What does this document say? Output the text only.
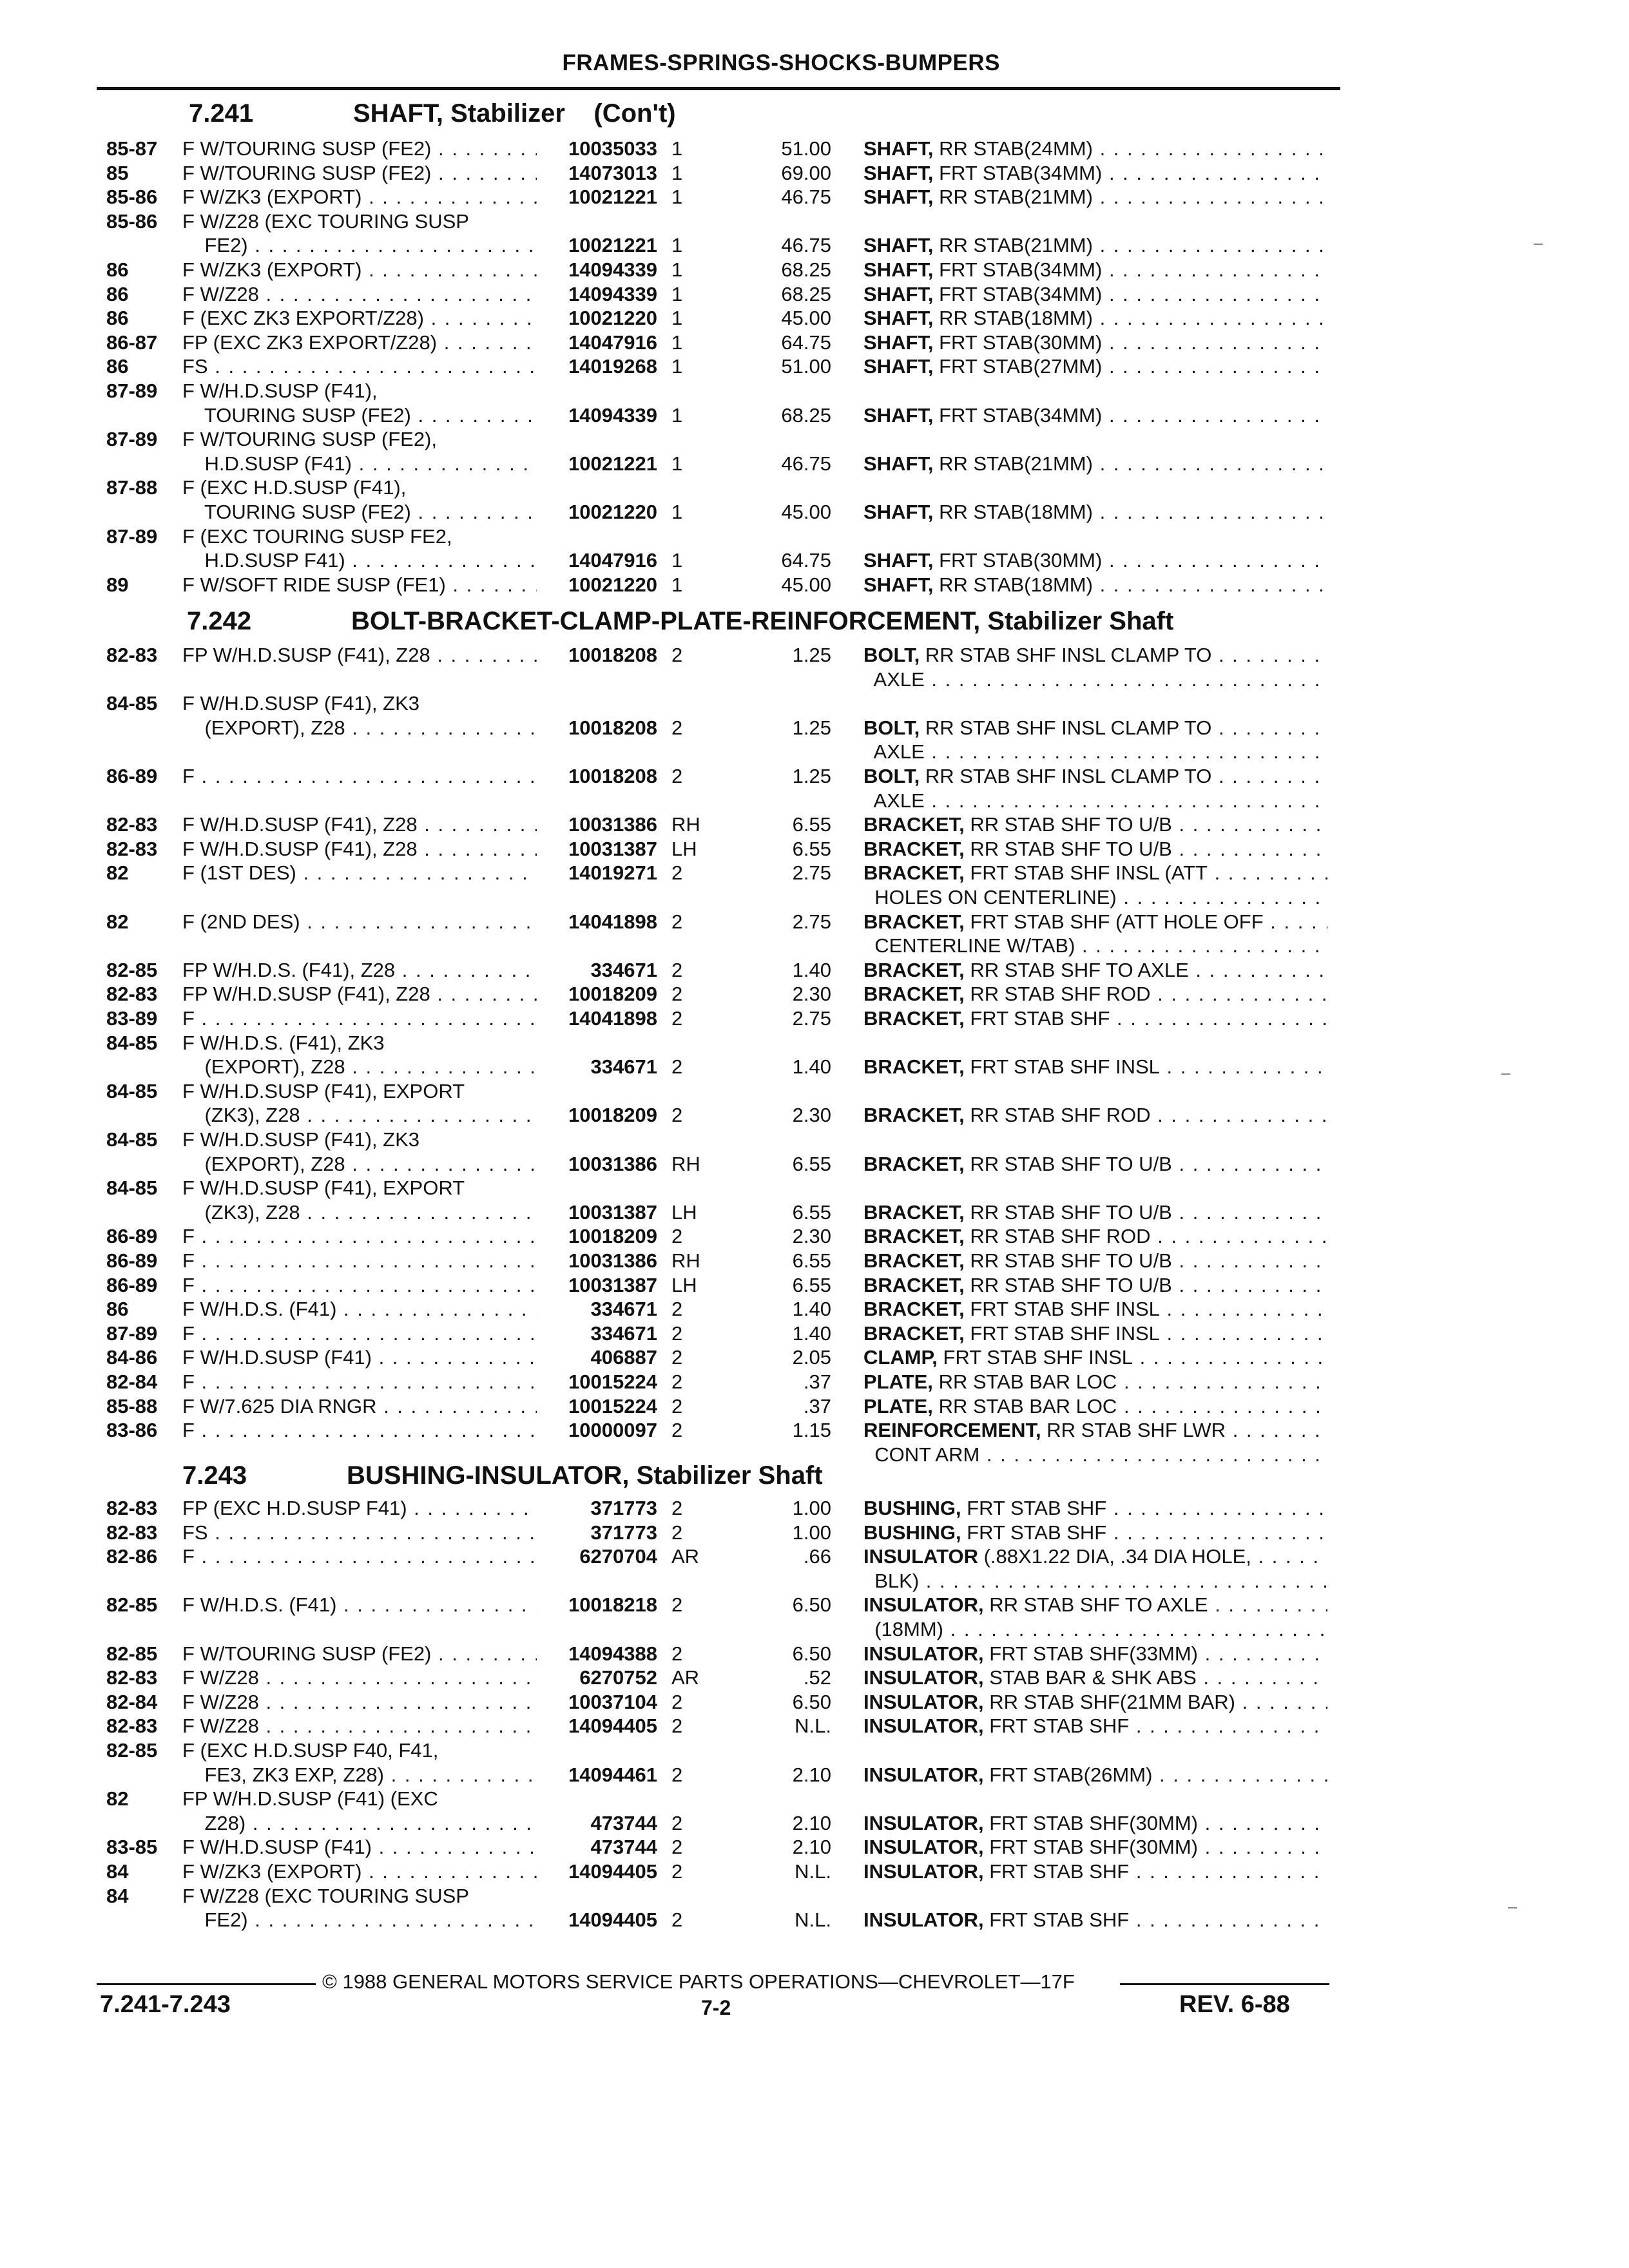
FRAMES-SPRINGS-SHOCKS-BUMPERS
7.241	SHAFT, Stabilizer    (Con't)
85-87 F W/TOURING SUSP (FE2) . . .	10035033 1	51.00 SHAFT, RR STAB(24MM) . . .
85	F W/TOURING SUSP (FE2) . . .	14073013 1	69.00 SHAFT, FRT STAB(34MM) . . .
85-86 F W/ZK3 (EXPORT) . . .	10021221 1	46.75 SHAFT, RR STAB(21MM) . . .
85-86 F W/Z28 (EXC TOURING SUSP
FE2) . . .	10021221 1	46.75 SHAFT, RR STAB(21MM) . . .
86	F W/ZK3 (EXPORT) . . .	14094339 1	68.25 SHAFT, FRT STAB(34MM) . . .
86	F W/Z28 . . .	14094339 1	68.25 SHAFT, FRT STAB(34MM) . . .
86	F (EXC ZK3 EXPORT/Z28) . . .	10021220 1	45.00 SHAFT, RR STAB(18MM) . . .
86-87 FP (EXC ZK3 EXPORT/Z28) . . .	14047916 1	64.75 SHAFT, FRT STAB(30MM) . . .
86	FS . . .	14019268 1	51.00 SHAFT, FRT STAB(27MM) . . .
87-89 F W/H.D.SUSP (F41),
TOURING SUSP (FE2) . . .	14094339 1	68.25 SHAFT, FRT STAB(34MM) . . .
87-89 F W/TOURING SUSP (FE2),
H.D.SUSP (F41) . . .	10021221 1	46.75 SHAFT, RR STAB(21MM) . . .
87-88 F (EXC H.D.SUSP (F41),
TOURING SUSP (FE2) . . .	10021220 1	45.00 SHAFT, RR STAB(18MM) . . .
87-89 F (EXC TOURING SUSP FE2,
H.D.SUSP F41) . . .	14047916 1	64.75 SHAFT, FRT STAB(30MM) . . .
89	F W/SOFT RIDE SUSP (FE1) . . .	10021220 1	45.00 SHAFT, RR STAB(18MM) . . .
7.242	BOLT-BRACKET-CLAMP-PLATE-REINFORCEMENT, Stabilizer Shaft
82-83 FP W/H.D.SUSP (F41), Z28 . . .	10018208 2	1.25 BOLT, RR STAB SHF INSL CLAMP TO . . .
AXLE . . .
84-85 F W/H.D.SUSP (F41), ZK3
(EXPORT), Z28 . . .	10018208 2	1.25 BOLT, RR STAB SHF INSL CLAMP TO . . .
AXLE . . .
86-89 F . . .	10018208 2	1.25 BOLT, RR STAB SHF INSL CLAMP TO . . .
AXLE . . .
82-83 F W/H.D.SUSP (F41), Z28 . . .	10031386 RH	6.55 BRACKET, RR STAB SHF TO U/B . . .
82-83 F W/H.D.SUSP (F41), Z28 . . .	10031387 LH	6.55 BRACKET, RR STAB SHF TO U/B . . .
82	F (1ST DES) . . .	14019271 2	2.75 BRACKET, FRT STAB SHF INSL (ATT . . .
HOLES ON CENTERLINE) . . .
82	F (2ND DES) . . .	14041898 2	2.75 BRACKET, FRT STAB SHF (ATT HOLE OFF . . .
CENTERLINE W/TAB) . . .
82-85 FP W/H.D.S. (F41), Z28 . . .	334671 2	1.40 BRACKET, RR STAB SHF TO AXLE . . .
82-83 FP W/H.D.SUSP (F41), Z28 . . .	10018209 2	2.30 BRACKET, RR STAB SHF ROD . . .
83-89 F . . .	14041898 2	2.75 BRACKET, FRT STAB SHF . . .
84-85 F W/H.D.S. (F41), ZK3
(EXPORT), Z28 . . .	334671 2	1.40 BRACKET, FRT STAB SHF INSL . . .
84-85 F W/H.D.SUSP (F41), EXPORT
(ZK3), Z28 . . .	10018209 2	2.30 BRACKET, RR STAB SHF ROD . . .
84-85 F W/H.D.SUSP (F41), ZK3
(EXPORT), Z28 . . .	10031386 RH	6.55 BRACKET, RR STAB SHF TO U/B . . .
84-85 F W/H.D.SUSP (F41), EXPORT
(ZK3), Z28 . . .	10031387 LH	6.55 BRACKET, RR STAB SHF TO U/B . . .
86-89 F . . .	10018209 2	2.30 BRACKET, RR STAB SHF ROD . . .
86-89 F . . .	10031386 RH	6.55 BRACKET, RR STAB SHF TO U/B . . .
86-89 F . . .	10031387 LH	6.55 BRACKET, RR STAB SHF TO U/B . . .
86	F W/H.D.S. (F41) . . .	334671 2	1.40 BRACKET, FRT STAB SHF INSL . . .
87-89 F . . .	334671 2	1.40 BRACKET, FRT STAB SHF INSL . . .
84-86 F W/H.D.SUSP (F41) . . .	406887 2	2.05 CLAMP, FRT STAB SHF INSL . . .
82-84 F . . .	10015224 2	.37 PLATE, RR STAB BAR LOC . . .
85-88 F W/7.625 DIA RNGR . . .	10015224 2	.37 PLATE, RR STAB BAR LOC . . .
83-86 F . . .	10000097 2	1.15 REINFORCEMENT, RR STAB SHF LWR . . .
CONT ARM . . .
7.243	BUSHING-INSULATOR, Stabilizer Shaft
82-83 FP (EXC H.D.SUSP F41) . . .	371773 2	1.00 BUSHING, FRT STAB SHF . . .
82-83 FS . . .	371773 2	1.00 BUSHING, FRT STAB SHF . . .
82-86 F . . .	6270704 AR	.66 INSULATOR (.88X1.22 DIA, .34 DIA HOLE, . . .
BLK) . . .
82-85 F W/H.D.S. (F41) . . .	10018218 2	6.50 INSULATOR, RR STAB SHF TO AXLE . . .
(18MM) . . .
82-85 F W/TOURING SUSP (FE2) . . .	14094388 2	6.50 INSULATOR, FRT STAB SHF(33MM) . . .
82-83 F W/Z28 . . .	6270752 AR	.52 INSULATOR, STAB BAR & SHK ABS . . .
82-84 F W/Z28 . . .	10037104 2	6.50 INSULATOR, RR STAB SHF(21MM BAR) . . .
82-83 F W/Z28 . . .	14094405 2	N.L. INSULATOR, FRT STAB SHF . . .
82-85 F (EXC H.D.SUSP F40, F41,
FE3, ZK3 EXP, Z28) . . .	14094461 2	2.10 INSULATOR, FRT STAB(26MM) . . .
82	FP W/H.D.SUSP (F41) (EXC
Z28) . . .	473744 2	2.10 INSULATOR, FRT STAB SHF(30MM) . . .
83-85 F W/H.D.SUSP (F41) . . .	473744 2	2.10 INSULATOR, FRT STAB SHF(30MM) . . .
84	F W/ZK3 (EXPORT) . . .	14094405 2	N.L. INSULATOR, FRT STAB SHF . . .
84	F W/Z28 (EXC TOURING SUSP
FE2) . . .	14094405 2	N.L. INSULATOR, FRT STAB SHF . . .
© 1988 GENERAL MOTORS SERVICE PARTS OPERATIONS—CHEVROLET—17F
7.241-7.243	7-2	REV. 6-88
